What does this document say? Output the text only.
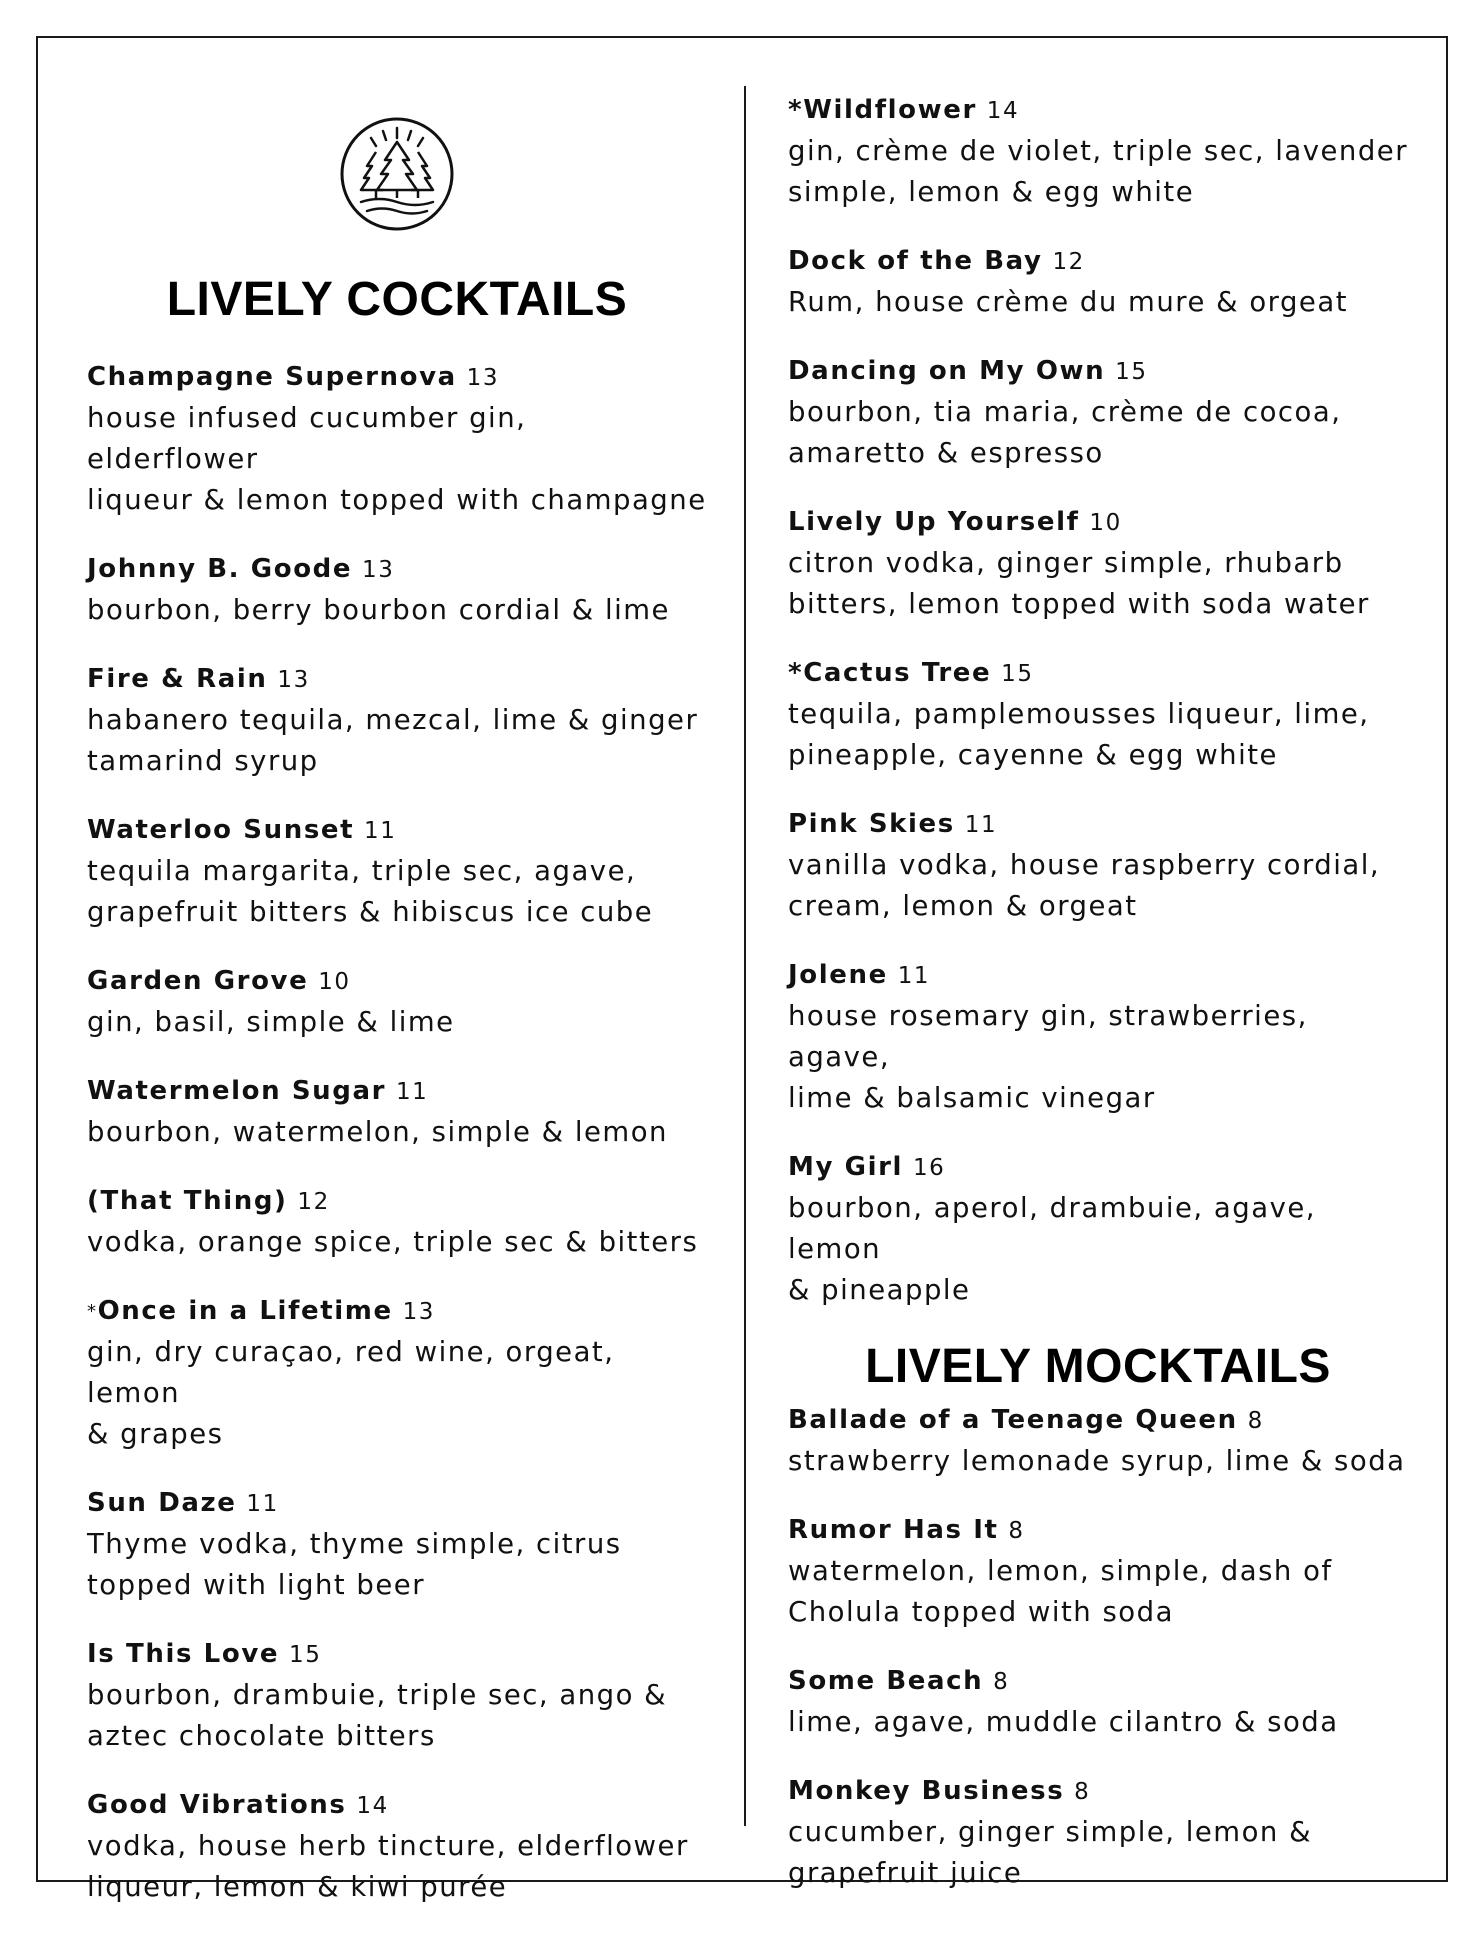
LIVELY COCKTAILS
Champagne Supernova 13
house infused cucumber gin, elderflower
liqueur & lemon topped with champagne
Johnny B. Goode 13
bourbon, berry bourbon cordial & lime
Fire & Rain 13
habanero tequila, mezcal, lime & ginger
tamarind syrup
Waterloo Sunset 11
tequila margarita, triple sec, agave,
grapefruit bitters & hibiscus ice cube
Garden Grove 10
gin, basil, simple & lime
Watermelon Sugar 11
bourbon, watermelon, simple & lemon
(That Thing) 12
vodka, orange spice, triple sec & bitters
*Once in a Lifetime 13
gin, dry curaçao, red wine, orgeat, lemon
& grapes
Sun Daze 11
Thyme vodka, thyme simple, citrus
topped with light beer
Is This Love 15
bourbon, drambuie, triple sec, ango &
aztec chocolate bitters
Good Vibrations 14
vodka, house herb tincture, elderflower
liqueur, lemon & kiwi purée
*Wildflower 14
gin, crème de violet, triple sec, lavender
simple, lemon & egg white
Dock of the Bay 12
Rum, house crème du mure & orgeat
Dancing on My Own 15
bourbon, tia maria, crème de cocoa,
amaretto & espresso
Lively Up Yourself 10
citron vodka, ginger simple, rhubarb
bitters, lemon topped with soda water
*Cactus Tree 15
tequila, pamplemousses liqueur, lime,
pineapple, cayenne & egg white
Pink Skies 11
vanilla vodka, house raspberry cordial,
cream, lemon & orgeat
Jolene 11
house rosemary gin, strawberries, agave,
lime & balsamic vinegar
My Girl 16
bourbon, aperol, drambuie, agave, lemon
& pineapple
LIVELY MOCKTAILS
Ballade of a Teenage Queen 8
strawberry lemonade syrup, lime & soda
Rumor Has It 8
watermelon, lemon, simple, dash of
Cholula topped with soda
Some Beach 8
lime, agave, muddle cilantro & soda
Monkey Business 8
cucumber, ginger simple, lemon &
grapefruit juice
